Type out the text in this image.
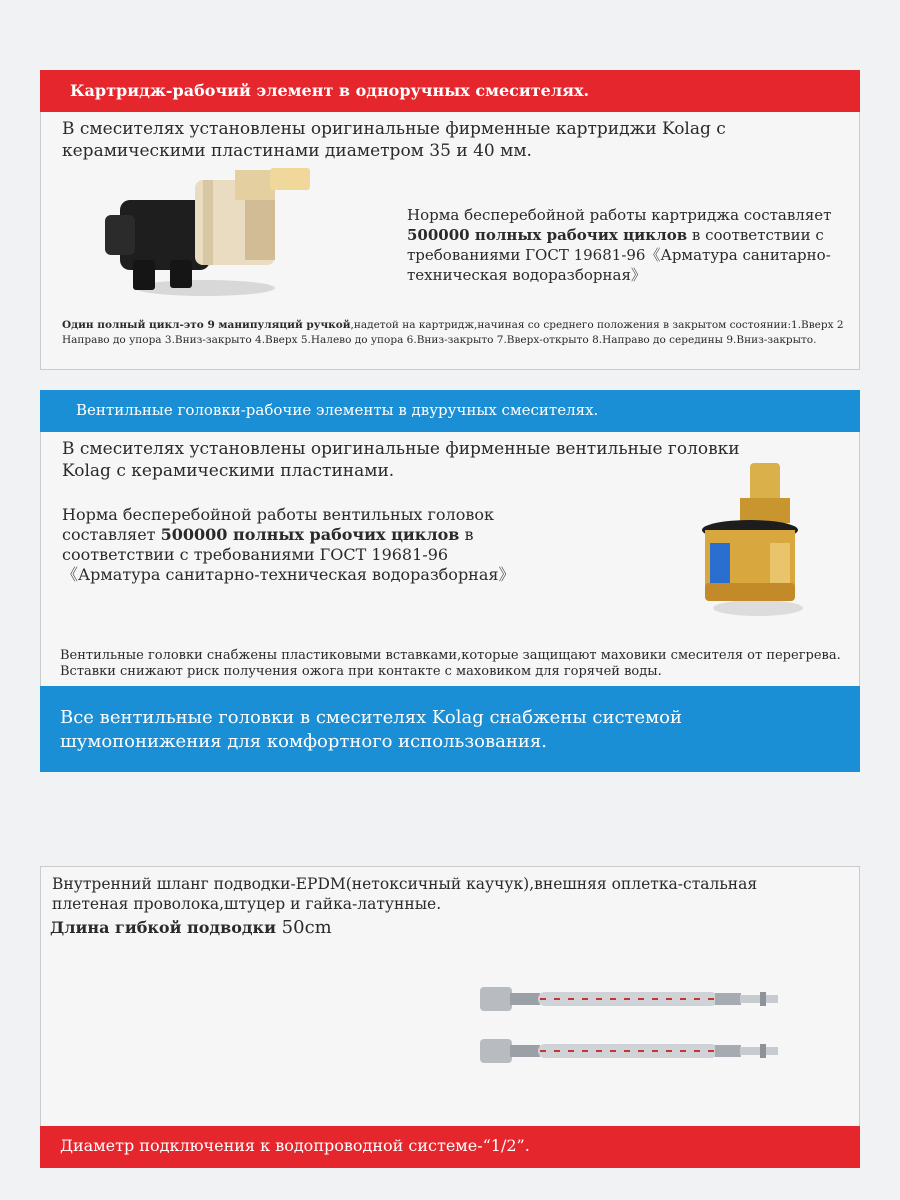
Картридж-рабочий элемент в одноручных смесителях.
В смесителях установлены оригинальные фирменные картриджи Kolag с
керамическими пластинами диаметром 35 и 40 мм.
Норма бесперебойной работы картриджа составляет
500000 полных рабочих циклов в соответствии с
требованиями ГОСТ 19681-96《Арматура санитарно-
техническая водоразборная》
Один полный цикл-это 9 манипуляций ручкой,надетой на картридж,начиная со среднего положения в закрытом состоянии:1.Вверх 2
Направо до упора 3.Вниз-закрыто 4.Вверх 5.Налево до упора 6.Вниз-закрыто 7.Вверх-открыто 8.Направо до середины 9.Вниз-закрыто.
Вентильные головки-рабочие элементы в двуручных смесителях.
В смесителях установлены оригинальные фирменные вентильные головки
Kolag с керамическими пластинами.
Норма бесперебойной работы вентильных головок
составляет 500000 полных рабочих циклов в
соответствии с требованиями ГОСТ 19681-96
《Арматура санитарно-техническая водоразборная》
Вентильные головки снабжены пластиковыми вставками,которые защищают маховики смесителя от перегрева.
Вставки снижают риск получения ожога при контакте с маховиком для горячей воды.
Все вентильные головки в смесителях Kolag снабжены системой
шумопонижения для комфортного использования.
Внутренний шланг подводки-EPDM(нетоксичный каучук),внешняя оплетка-стальная
плетеная проволока,штуцер и гайка-латунные.
Длина гибкой подводки 50cm
Диаметр подключения к водопроводной системе-“1/2”.
